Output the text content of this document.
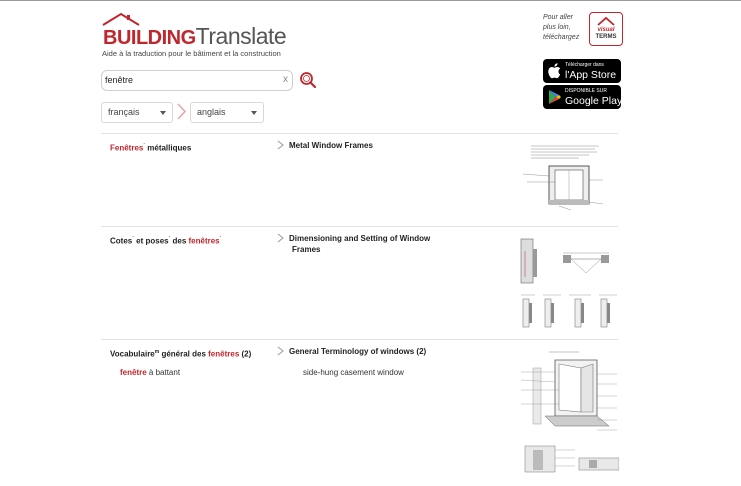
BUILDINGTranslate
Aide à la traduction pour le bâtiment et la construction
Pour aller
plus loin,
téléchargez
visual
TERMS
Télécharger dans
l'App Store
DISPONIBLE SUR
Google Play
fenêtre
x
français	anglais
Fenêtres´ métalliques	Metal Window Frames
Cotes´ et poses´ des fenêtres´	Dimensioning and Setting of Window
Frames
Vocabulaire$^m$ général des fenêtres (2)	General Terminology of windows (2)
fenêtre à battant	side-hung casement window
